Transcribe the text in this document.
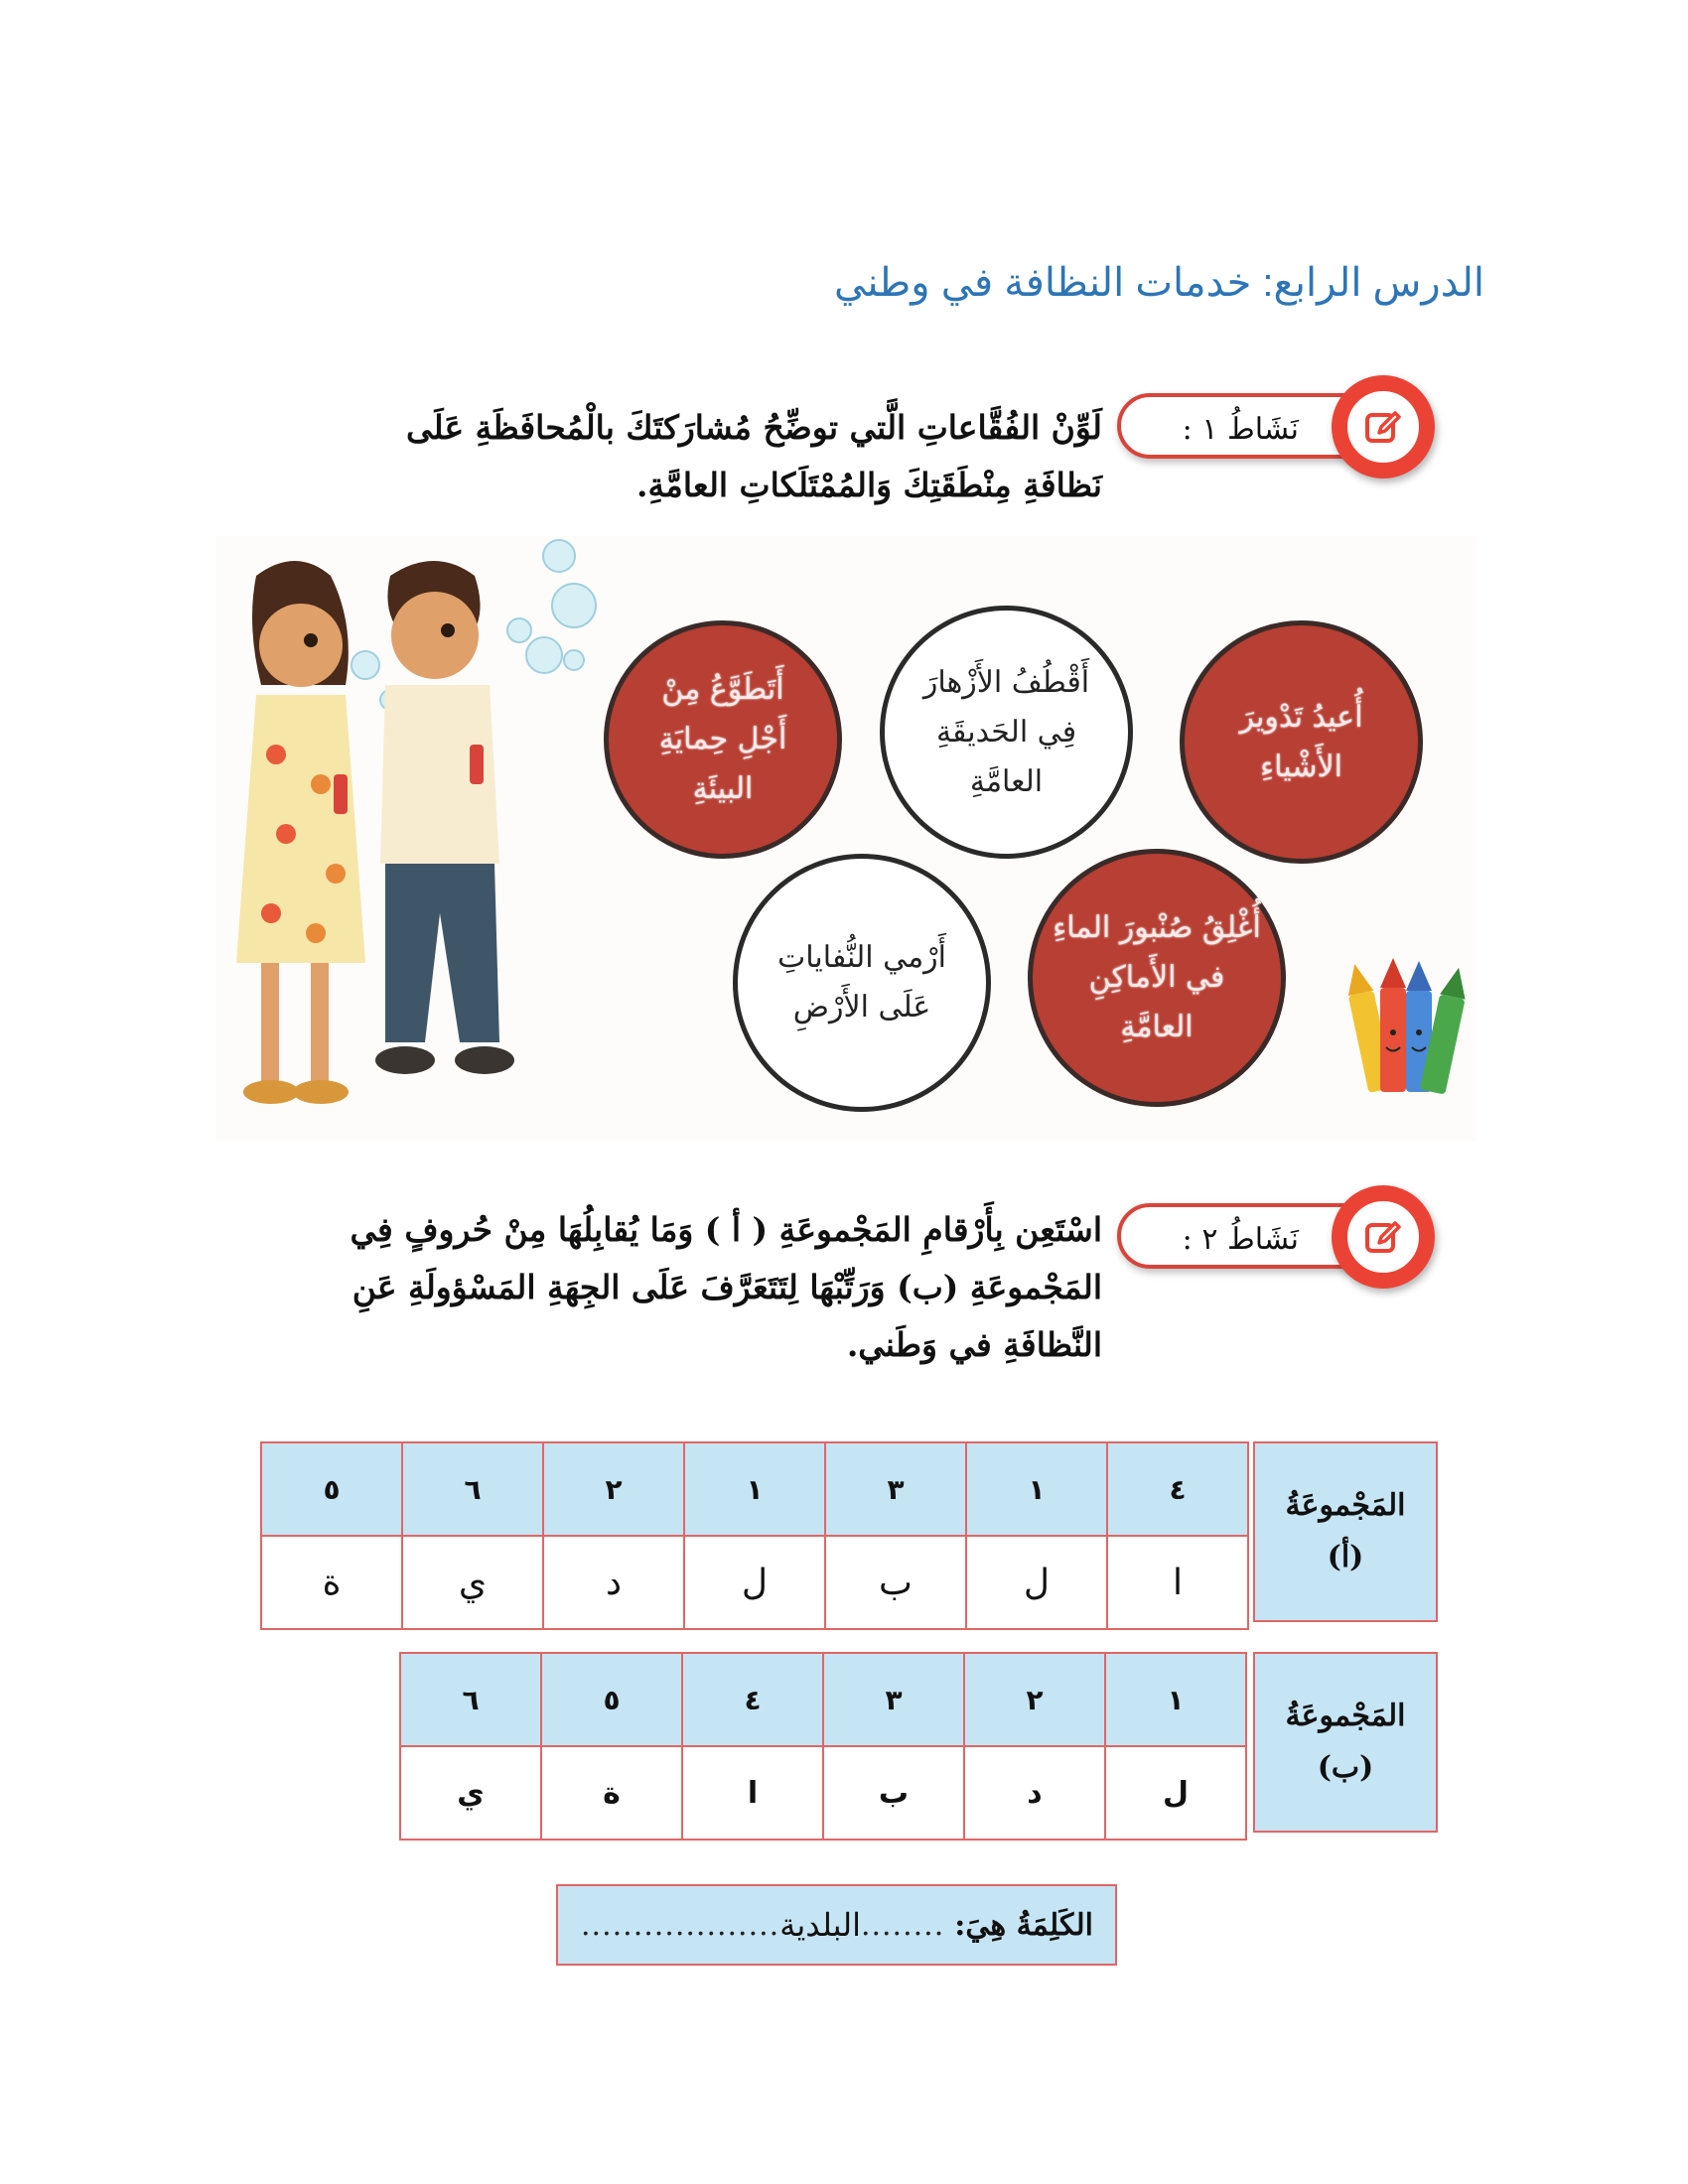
الدرس الرابع: خدمات النظافة في وطني
نَشَاطُ ١ :
لَوِّنْ الفُقَّاعاتِ الَّتي توضِّحُ مُشارَكتَكَ بالْمُحافَظَةِ عَلَى نَظافَةِ مِنْطَقَتِكَ وَالمُمْتَلَكاتِ العامَّةِ.
أَتَطَوَّعُ مِنْ أَجْلِ حِمايَةِ البيئَةِ
أَقْطُفُ الأَزْهارَ فِي الحَديقَةِ العامَّةِ
أُعيدُ تَدْويرَ الأَشْياءِ
أَرْمي النُّفاياتِ عَلَى الأَرْضِ
أُغْلِقُ صُنْبورَ الماءِ في الأَماكِنِ العامَّةِ
نَشَاطُ ٢ :
اسْتَعِن بِأَرْقامِ المَجْموعَةِ ( أ ) وَمَا يُقابِلُهَا مِنْ حُروفٍ فِي المَجْموعَةِ (ب) وَرَتِّبْهَا لِتَتَعَرَّفَ عَلَى الجِهَةِ المَسْؤولَةِ عَنِ النَّظافَةِ في وَطَني.
المَجْموعَةُ
(أ)
٤	١	٣	١	٢	٦	٥
ا	ل	ب	ل	د	ي	ة
المَجْموعَةُ
(ب)
١	٢	٣	٤	٥	٦
ل	د	ب	ا	ة	ي
الكَلِمَةُ هِيَ:
........
البلدية
...................
